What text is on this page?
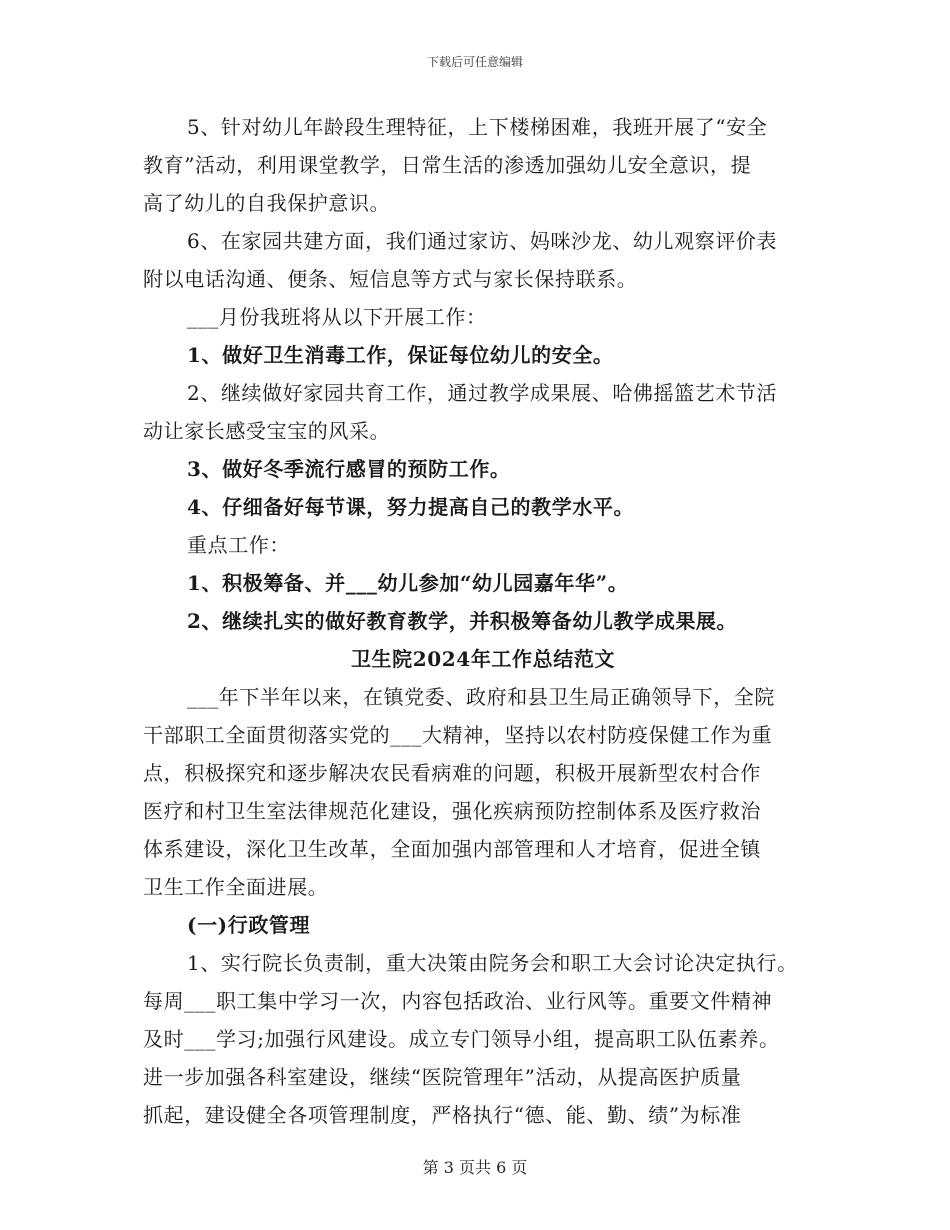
下载后可任意编辑
5、针对幼儿年龄段生理特征，上下楼梯困难，我班开展了“安全
教育”活动，利用课堂教学，日常生活的渗透加强幼儿安全意识，提
高了幼儿的自我保护意识。
6、在家园共建方面，我们通过家访、妈咪沙龙、幼儿观察评价表
附以电话沟通、便条、短信息等方式与家长保持联系。
___月份我班将从以下开展工作：
1、做好卫生消毒工作，保证每位幼儿的安全。
2、继续做好家园共育工作，通过教学成果展、哈佛摇篮艺术节活
动让家长感受宝宝的风采。
3、做好冬季流行感冒的预防工作。
4、仔细备好每节课，努力提高自己的教学水平。
重点工作：
1、积极筹备、并___幼儿参加“幼儿园嘉年华”。
2、继续扎实的做好教育教学，并积极筹备幼儿教学成果展。
卫生院2024年工作总结范文
___年下半年以来，在镇党委、政府和县卫生局正确领导下，全院
干部职工全面贯彻落实党的___大精神，坚持以农村防疫保健工作为重
点，积极探究和逐步解决农民看病难的问题，积极开展新型农村合作
医疗和村卫生室法律规范化建设，强化疾病预防控制体系及医疗救治
体系建设，深化卫生改革，全面加强内部管理和人才培育，促进全镇
卫生工作全面进展。
(一)行政管理
1、实行院长负责制，重大决策由院务会和职工大会讨论决定执行。
每周___职工集中学习一次，内容包括政治、业行风等。重要文件精神
及时___学习;加强行风建设。成立专门领导小组，提高职工队伍素养。
进一步加强各科室建设，继续“医院管理年”活动，从提高医护质量
抓起，建设健全各项管理制度，严格执行“德、能、勤、绩”为标准
第 3 页共 6 页
